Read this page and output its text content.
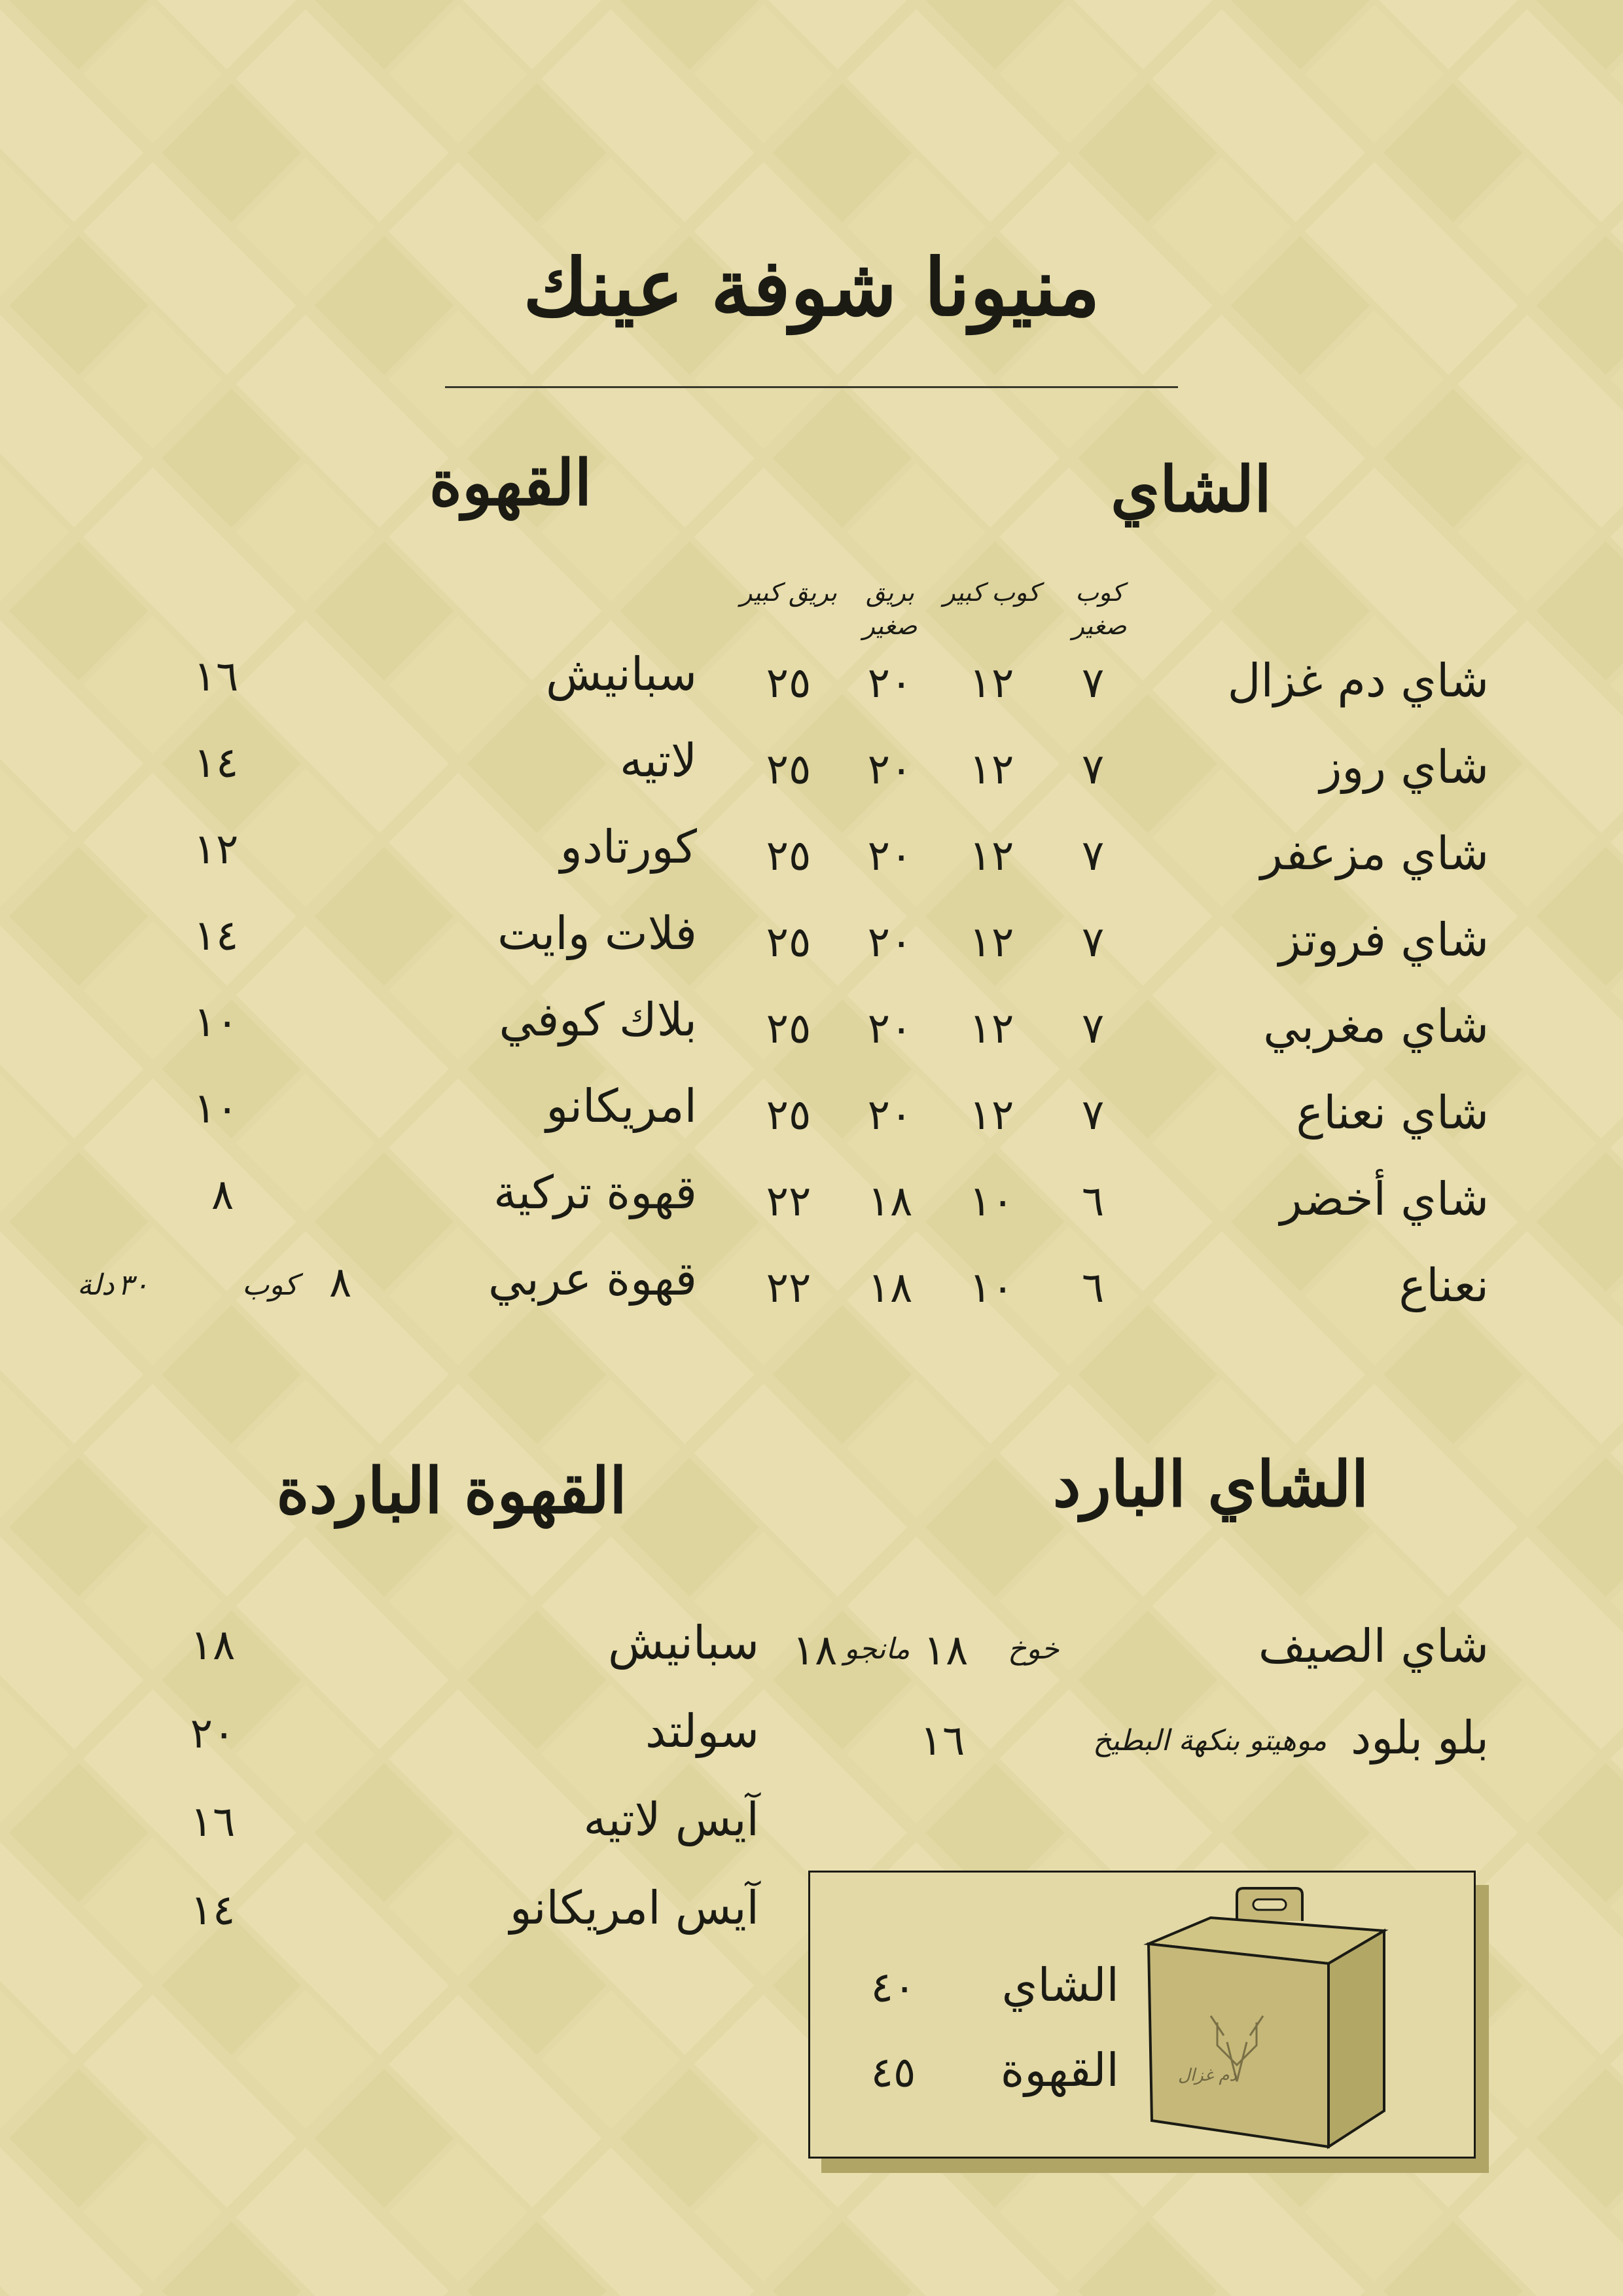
منيونا شوفة عينك
الشاي
القهوة
كوب صغير
كوب كبير
بريق صغير
بريق كبير
شاي دم غزال
٧
١٢
٢٠
٢٥
شاي روز
٧
١٢
٢٠
٢٥
شاي مزعفر
٧
١٢
٢٠
٢٥
شاي فروتز
٧
١٢
٢٠
٢٥
شاي مغربي
٧
١٢
٢٠
٢٥
شاي نعناع
٧
١٢
٢٠
٢٥
شاي أخضر
٦
١٠
١٨
٢٢
نعناع
٦
١٠
١٨
٢٢
سبانيش
١٦
لاتيه
١٤
كورتادو
١٢
فلات وايت
١٤
بلاك كوفي
١٠
امريكانو
١٠
قهوة تركية
٨
قهوة عربي
٨
كوب
٣٠
دلة
الشاي البارد
القهوة الباردة
شاي الصيف
خوخ
١٨
مانجو
١٨
بلو بلود
موهيتو بنكهة البطيخ
١٦
سبانيش
١٨
سولتد
٢٠
آيس لاتيه
١٦
آيس امريكانو
١٤
دم غزال
الشاي
٤٠
القهوة
٤٥
